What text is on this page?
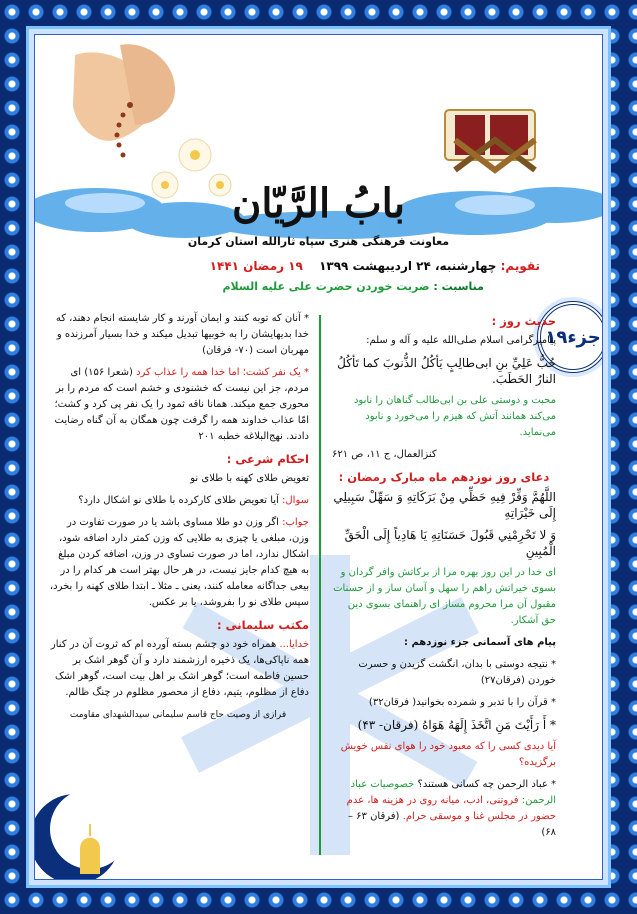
بابُ الرَّیّان
معاونت فرهنگی هنری سپاه ثارالله استان کرمان
تقویم: چهارشنبه، ۲۴ اردیبهشت ۱۳۹۹ ۱۹ رمضان ۱۴۴۱
مناسبت : ضربت خوردن حضرت علی علیه السلام
جزء۱۹
حدیث روز :

پیامبرگرامی اسلام صلی‌الله علیه و آله و سلم:

حُبُّ عَلِيِّ بنِ ابی‌طالِبٍ یَأکُلُ الذُّنوبَ کما تَأکُلُ النارُ الحَطَبَ.

محبت و دوستی علی بن ابی‌طالب گناهان را نابود می‌کند همانند آتش که هیزم را می‌خورد و نابود می‌نماید.

کنزالعمال، ج ۱۱، ص ۶۲۱

دعای روز نوزدهم ماه مبارک رمضان :

اللَّهُمَّ وَفِّرْ فِيهِ حَظِّي مِنْ بَرَكَاتِهِ وَ سَهِّلْ سَبِيلِي إِلَى خَيْرَاتِهِ

وَ لا تَحْرِمْنِي قَبُولَ حَسَنَاتِهِ يَا هَادِياً إِلَى الْحَقِّ الْمُبِينِ

ای خدا در این روز بهره مرا از برکاتش وافر گردان و بسوی خیراتش راهم را سهل و آسان ساز و از حسنات مقبول آن مرا محروم مساز ای راهنمای بسوی دین حق آشکار.

پیام های آسمانی جزء نوزدهم :

* نتیجه دوستی با بدان، انگشت گزیدن و حسرت خوردن (فرقان۲۷)

* قرآن را با تدبر و شمرده بخوانید( فرقان۳۲)

* أَ رَأَيْتَ مَنِ اتَّخَذَ إِلَهَهُ هَوَاهُ (فرقان- ۴۳)

آیا دیدی کسی را که معبود خود را هوای نفس خویش برگزیده؟

* عباد الرحمن چه کسانی هستند؟ خصوصیات عباد الرحمن: فروتنی، ادب، میانه روی در هزینه ها، عدم حضور در مجلس غنا و موسقی حرام. (فرقان ۶۳ – ۶۸)

* آنان که توبه کنند و ایمان آورند و کار شایسته انجام دهند، که خدا بدیهایشان را به خوبیها تبدیل میکند و خدا بسیار آمرزنده و مهربان است (۷۰- فرقان)

* یک نفر کشت؛ اما خدا همه را عذاب کرد (شعرا ۱۵۶) ای مردم، جز این نیست که خشنودی و خشم است که مردم را بر محوری جمع میکند. همانا ناقه ثمود را یک نفر پی کرد و کشت؛ امّا عذاب خداوند همه را گرفت چون همگان به آن گناه رضایت دادند. نهج‌البلاغه خطبه ۲۰۱

احکام شرعی :

تعویض طلای کهنه با طلای نو

سوال: آیا تعویض طلای کارکرده با طلای نو اشکال دارد؟

جواب: اگر وزن دو طلا مساوی باشد یا در صورت تفاوت در وزن، مبلغی یا چیزی به طلایی که وزن کمتر دارد اضافه شود، اشکال ندارد، اما در صورت تساوی در وزن، اضافه کردن مبلغ به هیچ کدام جایز نیست، در هر حال بهتر است هر کدام را در بیعی جداگانه معامله کنند، یعنی ـ مثلا ـ ابتدا طلای کهنه را بخرد، سپس طلای نو را بفروشد، یا بر عکس.

مکتب سلیمانی :

خدایا... همراه خود دو چشم بسته آورده ام که ثروت آن در کنار همه ناپاکی‌ها، یک ذخیره ارزشمند دارد و آن گوهر اشک بر حسین فاطمه است؛ گوهر اشک بر اهل بیت است، گوهر اشک دفاع از مظلوم، یتیم، دفاع از محصور مظلوم در چنگ ظالم.

فرازی از وصیت حاج قاسم سلیمانی سیدالشهدای مقاومت
